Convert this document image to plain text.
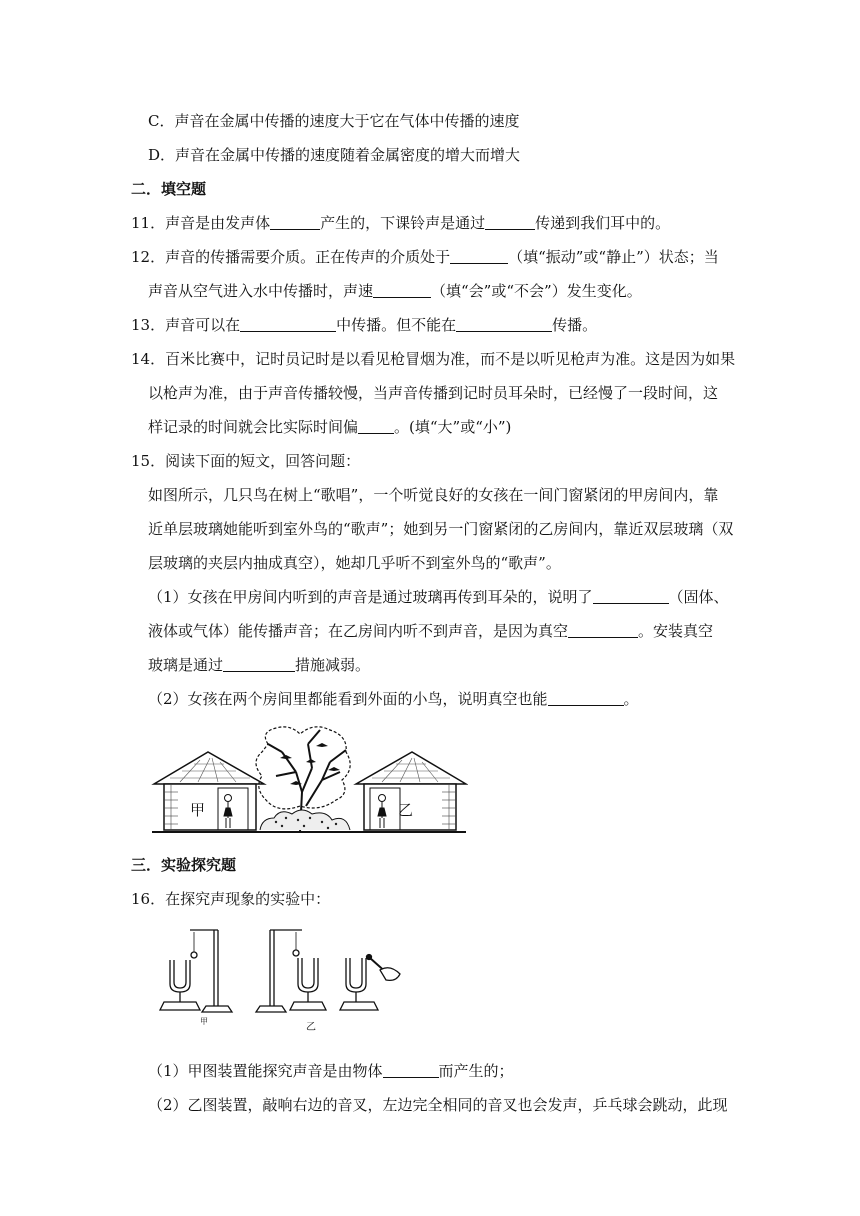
C．声音在金属中传播的速度大于它在气体中传播的速度
D．声音在金属中传播的速度随着金属密度的增大而增大
二．填空题
11．声音是由发声体	产生的，下课铃声是通过	传递到我们耳中的。
12．声音的传播需要介质。正在传声的介质处于	（填“振动”或“静止”）状态；当
声音从空气进入水中传播时，声速	（填“会”或“不会”）发生变化。
13．声音可以在	中传播。但不能在	传播。
14．百米比赛中，记时员记时是以看见枪冒烟为准，而不是以听见枪声为准。这是因为如果
以枪声为准，由于声音传播较慢，当声音传播到记时员耳朵时，已经慢了一段时间，这
样记录的时间就会比实际时间偏 。(填“大”或“小”)
15．阅读下面的短文，回答问题：
如图所示，几只鸟在树上“歌唱”，一个听觉良好的女孩在一间门窗紧闭的甲房间内，靠
近单层玻璃她能听到室外鸟的“歌声”；她到另一门窗紧闭的乙房间内，靠近双层玻璃（双
层玻璃的夹层内抽成真空），她却几乎听不到室外鸟的“歌声”。
（1）女孩在甲房间内听到的声音是通过玻璃再传到耳朵的，说明了	（固体、
液体或气体）能传播声音；在乙房间内听不到声音，是因为真空	。安装真空
玻璃是通过	措施减弱。
（2）女孩在两个房间里都能看到外面的小鸟，说明真空也能	。
甲	乙
三．实验探究题
16．在探究声现象的实验中：
甲
乙
（1）甲图装置能探究声音是由物体	而产生的；
（2）乙图装置，敲响右边的音叉，左边完全相同的音叉也会发声，乒乓球会跳动，此现
